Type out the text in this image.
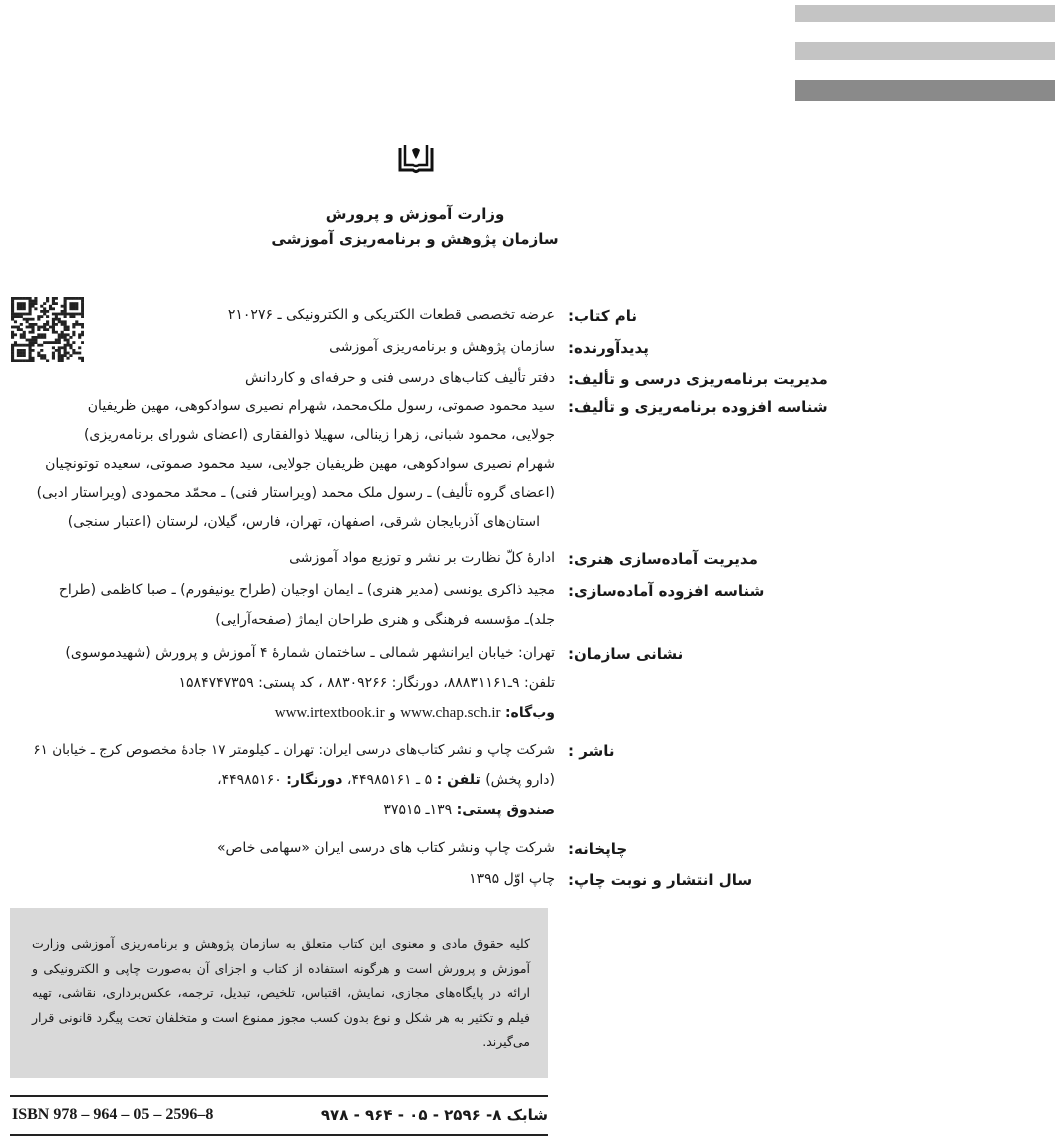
وزارت آموزش و پرورش
سازمان پژوهش و برنامه‌ریزی آموزشی
نام کتاب:
عرضه تخصصی قطعات الکتریکی و الکترونیکی ـ ۲۱۰۲۷۶
پدیدآورنده:
سازمان پژوهش و برنامه‌ریزی آموزشی
مدیریت برنامه‌ریزی درسی و تألیف:
دفتر تألیف کتاب‌های درسی فنی و حرفه‌ای و کاردانش
شناسه افزوده برنامه‌ریزی و تألیف:
سید محمود صموتی، رسول ملک‌محمد، شهرام نصیری سوادکوهی، مهین ظریفیان
جولایی، محمود شبانی، زهرا زینالی، سهیلا ذوالفقاری (اعضای شورای برنامه‌ریزی)
شهرام نصیری سوادکوهی، مهین ظریفیان جولایی، سید محمود صموتی، سعیده توتونچیان
(اعضای گروه تألیف) ـ رسول ملک محمد (ویراستار فنی) ـ محمّد محمودی (ویراستار ادبی)
استان‌های آذربایجان شرقی، اصفهان، تهران، فارس، گیلان، لرستان (اعتبار سنجی)
مدیریت آماده‌سازی هنری:
ادارهٔ کلّ نظارت بر نشر و توزیع مواد آموزشی
شناسه افزوده آماده‌سازی:
مجید ذاکری یونسی (مدیر هنری) ـ ایمان اوجیان (طراح یونیفورم) ـ صبا کاظمی (طراح
جلد)ـ مؤسسه فرهنگی و هنری طراحان ایماژ (صفحه‌آرایی)
نشانی سازمان:
تهران: خیابان ایرانشهر شمالی ـ ساختمان شمارهٔ ۴ آموزش و پرورش (شهیدموسوی)
تلفن: ۹ـ۸۸۸۳۱۱۶۱، دورنگار: ۸۸۳۰۹۲۶۶ ، کد پستی: ۱۵۸۴۷۴۷۳۵۹
وب‌گاه: www.chap.sch.ir و www.irtextbook.ir
ناشر :
شرکت چاپ و نشر کتاب‌های درسی ایران: تهران ـ کیلومتر ۱۷ جادهٔ مخصوص کرج ـ خیابان ۶۱
(دارو پخش) تلفن : ۵ ـ ۴۴۹۸۵۱۶۱، دورنگار: ۴۴۹۸۵۱۶۰،
صندوق پستی: ۱۳۹ـ ۳۷۵۱۵
چاپخانه:
شرکت چاپ ونشر کتاب های درسی ایران «سهامی خاص»
سال انتشار و نوبت چاپ:
چاپ اوّل ۱۳۹۵

کلیه حقوق مادی و معنوی این کتاب متعلق به سازمان پژوهش و برنامه‌ریزی آموزشی وزارت آموزش و پرورش است و هرگونه استفاده از کتاب و اجزای آن به‌صورت چاپی و الکترونیکی و ارائه در پایگاه‌های مجازی، نمایش، اقتباس، تلخیص، تبدیل، ترجمه، عکس‌برداری، نقاشی، تهیه فیلم و تکثیر به هر شکل و نوع بدون کسب مجوز ممنوع است و متخلفان تحت پیگرد قانونی قرار می‌گیرند.

ISBN 978 – 964 – 05 – 2596–8	شابک ۸- ۲۵۹۶ - ۰۵ - ۹۶۴ - ۹۷۸
